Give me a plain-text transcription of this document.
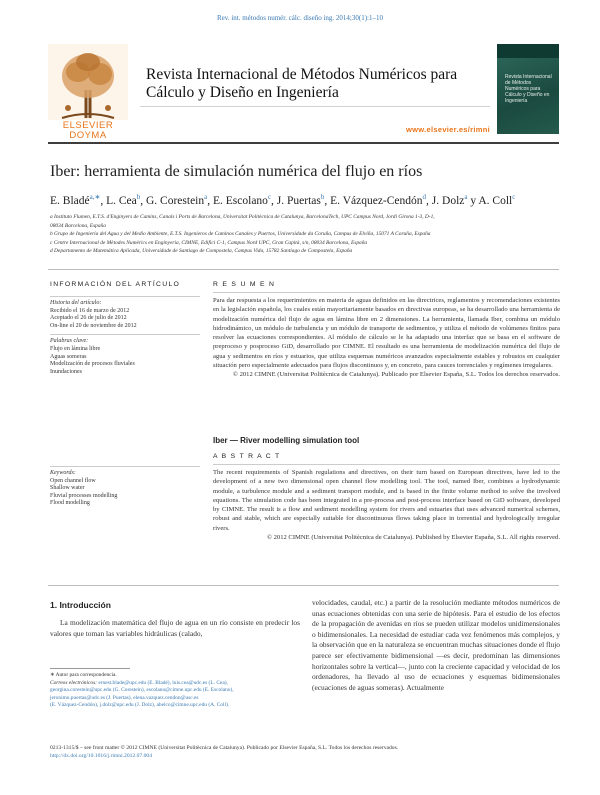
Rev. int. métodos numér. cálc. diseño ing. 2014;30(1):1–10
ELSEVIER
DOYMA
Revista Internacional de Métodos Numéricos para
Cálculo y Diseño en Ingeniería
www.elsevier.es/rimni
Revista Internacional de Métodos Numéricos para Cálculo y Diseño en Ingeniería
Iber: herramienta de simulación numérica del flujo en ríos
E. Bladé$^{a,∗}$, L. Cea$^b$, G. Corestein$^a$, E. Escolano$^c$, J. Puertas$^b$, E. Vázquez-Cendón$^d$, J. Dolz$^a$ y A. Coll$^c$
a Instituto Flumen, E.T.S. d'Enginyers de Camins, Canals i Ports de Barcelona, Universitat Politècnica de Catalunya, BarcelonaTech, UPC Campus Nord, Jordi Girona 1-3, D-1,
08034 Barcelona, España
b Grupo de Ingeniería del Agua y del Medio Ambiente, E.T.S. Ingenieros de Caminos Canales y Puertos, Universidade da Coruña, Campus de Elviña, 15071 A Coruña, España
c Centre Internacional de Mètodes Numèrics en Enginyeria, CIMNE, Edifici C-1, Campus Nord UPC, Gran Capità, s/n, 08034 Barcelona, España
d Departamento de Matemática Aplicada, Universidade de Santiago de Compostela, Campus Vida, 15782 Santiago de Compostela, España
INFORMACIÓN DEL ARTÍCULO
Historia del artículo:
Recibido el 16 de marzo de 2012
Aceptado el 26 de julio de 2012
On-line el 20 de noviembre de 2012
Palabras clave:
Flujo en lámina libre
Aguas someras
Modelización de procesos fluviales
Inundaciones
Keywords:
Open channel flow
Shallow water
Fluvial processes modelling
Flood modelling
R E S U M E N
Para dar respuesta a los requerimientos en materia de aguas definidos en las directrices, reglamentos y recomendaciones existentes en la legislación española, los cuales están mayoritariamente basados en directivas europeas, se ha desarrollado una herramienta de modelización numérica del flujo de agua en lámina libre en 2 dimensiones. La herramienta, llamada Iber, combina un módulo hidrodinámico, un módulo de turbulencia y un módulo de transporte de sedimentos, y utiliza el método de volúmenes finitos para resolver las ecuaciones correspondientes. Al módulo de cálculo se le ha adaptado una interfaz que se basa en el software de preproceso y posproceso GiD, desarrollado por CIMNE. El resultado es una herramienta de modelización numérica del flujo de agua y sedimentos en ríos y estuarios, que utiliza esquemas numéricos avanzados especialmente estables y robustos en cualquier situación pero especialmente adecuados para flujos discontinuos y, en concreto, para cauces torrenciales y regímenes irregulares.
© 2012 CIMNE (Universitat Politècnica de Catalunya). Publicado por Elsevier España, S.L. Todos los derechos reservados.
Iber — River modelling simulation tool
A B S T R A C T
The recent requirements of Spanish regulations and directives, on their turn based on European directives, have led to the development of a new two dimensional open channel flow modelling tool. The tool, named Iber, combines a hydrodynamic module, a turbulence module and a sediment transport module, and is based in the finite volume method to solve the involved equations. The simulation code has been integrated in a pre-process and post-process interface based on GiD software, developed by CIMNE. The result is a flow and sediment modelling system for rivers and estuaries that uses advanced numerical schemes, robust and stable, which are especially suitable for discontinuous flows taking place in torrential and hydrologically irregular rivers.
© 2012 CIMNE (Universitat Politècnica de Catalunya). Published by Elsevier España, S.L. All rights reserved.
1. Introducción
La modelización matemática del flujo de agua en un río consiste en predecir los valores que toman las variables hidráulicas (calado,
velocidades, caudal, etc.) a partir de la resolución mediante métodos numéricos de unas ecuaciones obtenidas con una serie de hipótesis. Para el estudio de los efectos de la propagación de avenidas en ríos se pueden utilizar modelos unidimensionales o bidimensionales. La necesidad de estudiar cada vez fenómenos más complejos, y la observación que en la naturaleza se encuentran muchas situaciones donde el flujo parece ser efectivamente bidimensional —es decir, predominan las dimensiones horizontales sobre la vertical—, junto con la creciente capacidad y velocidad de los ordenadores, ha llevado al uso de ecuaciones y esquemas bidimensionales (ecuaciones de aguas someras). Actualmente
∗ Autor para correspondencia.
Correos electrónicos: ernest.blade@upc.edu (E. Bladé), luis.cea@udc.es (L. Cea),
georgina.corestein@upc.edu (G. Corestein), escolano@cimne.upc.edu (E. Escolano),
jeronimo.puertas@udc.es (J. Puertas), elena.vazquez.cendon@usc.es
(E. Vázquez-Cendón), j.dolz@upc.edu (J. Dolz), abelco@cimne.upc.edu (A. Coll).
0213-1315/$ – see front matter © 2012 CIMNE (Universitat Politècnica de Catalunya). Publicado por Elsevier España, S.L. Todos los derechos reservados.
http://dx.doi.org/10.1016/j.rimni.2012.07.004
